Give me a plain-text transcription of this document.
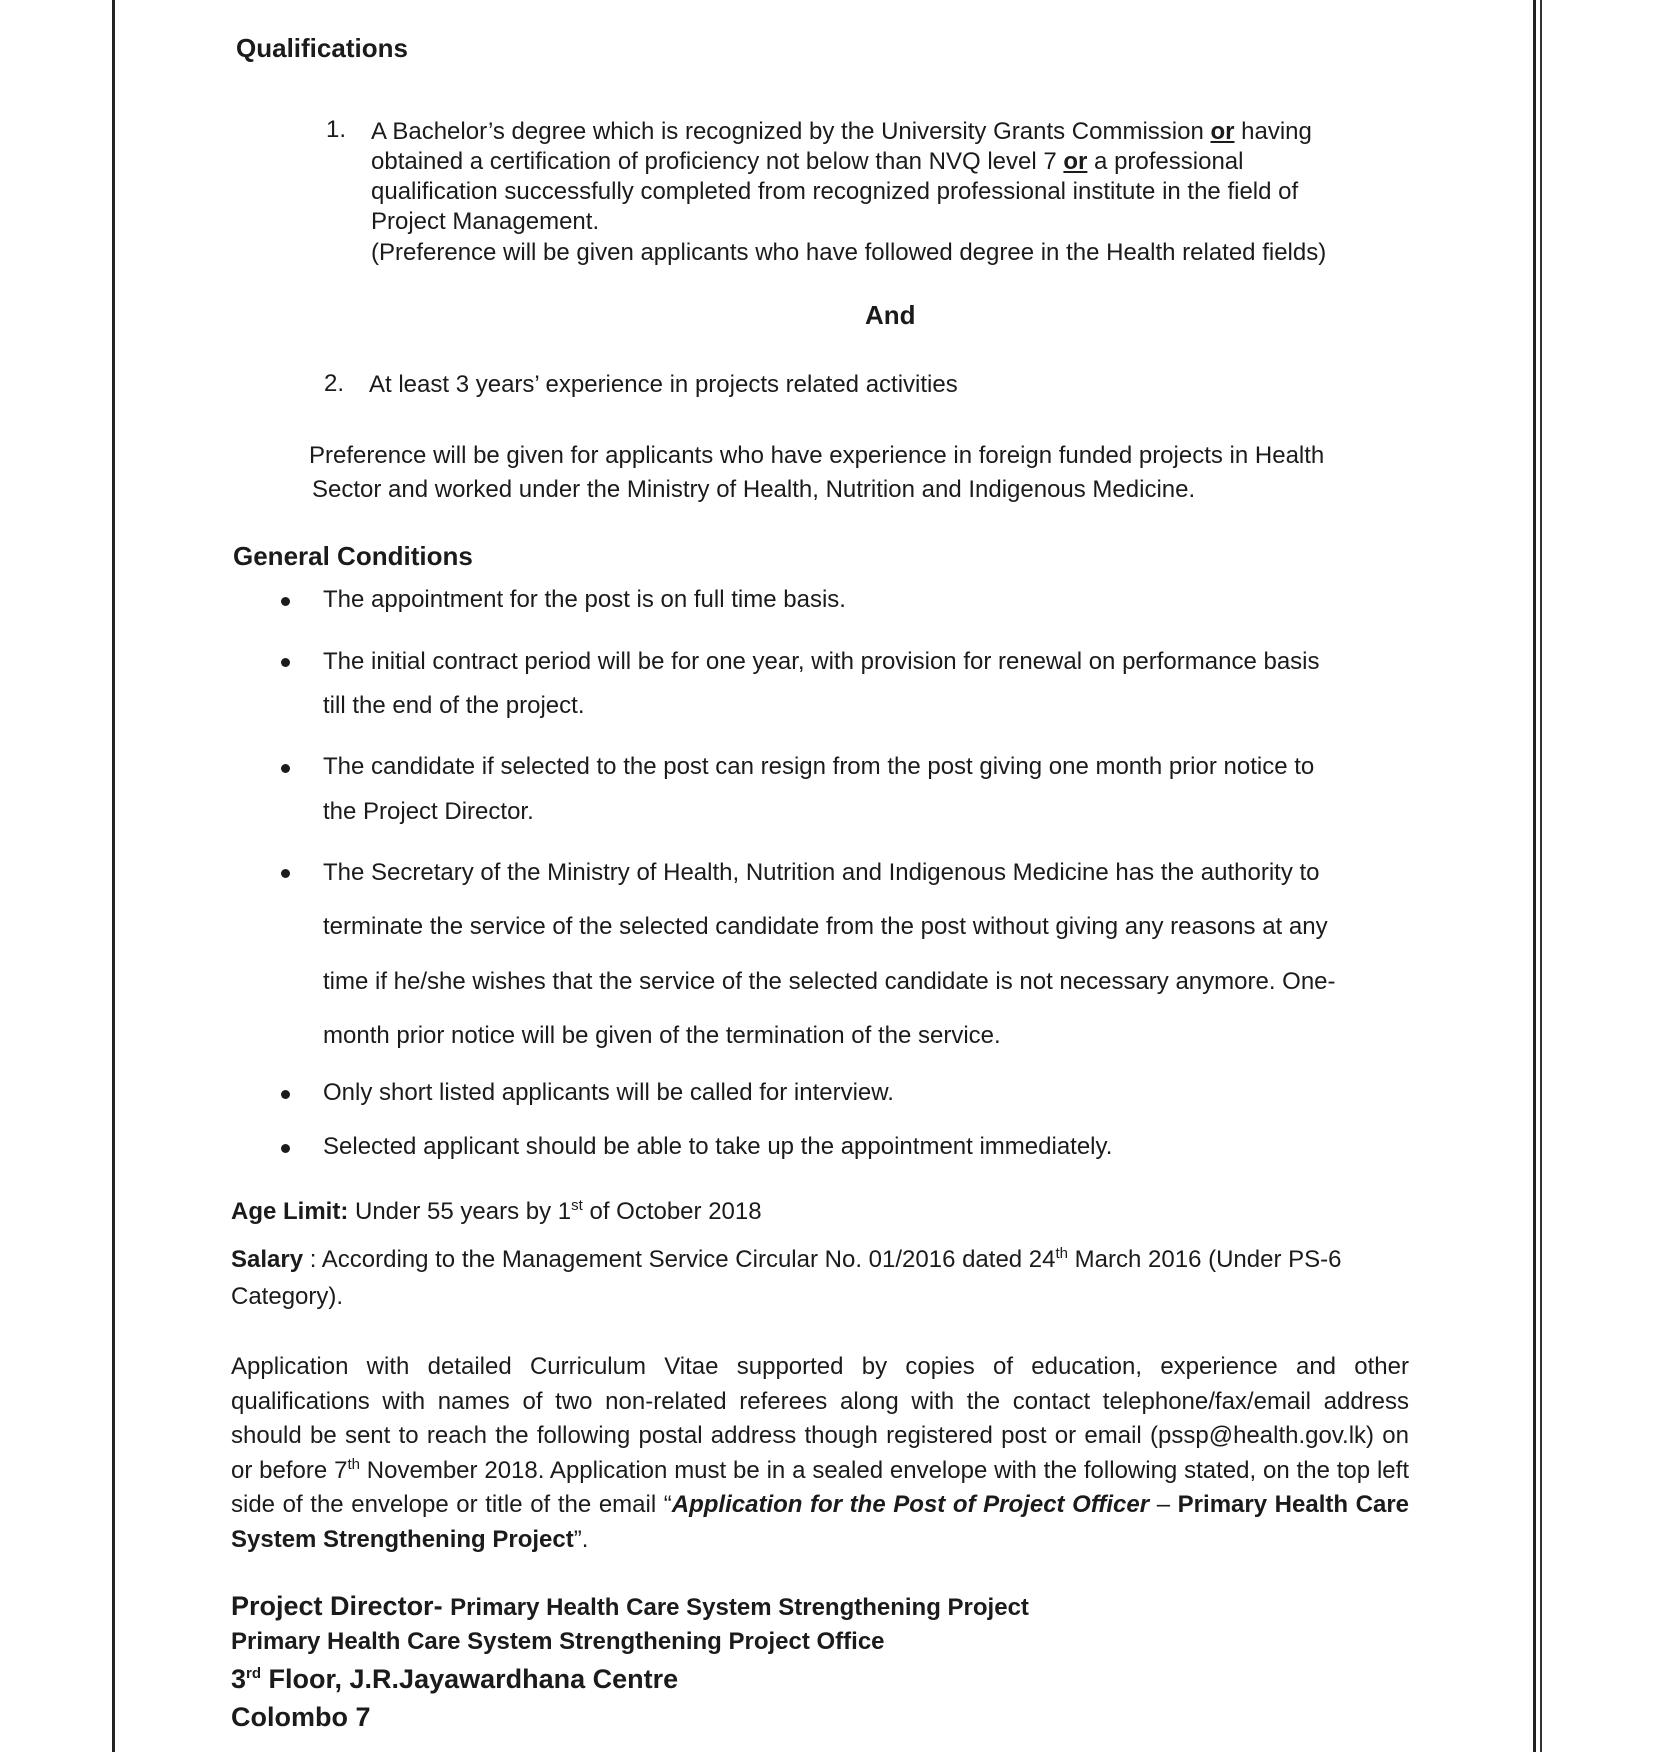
Qualifications
1. A Bachelor’s degree which is recognized by the University Grants Commission or having
obtained a certification of proficiency not below than NVQ level 7 or a professional
qualification successfully completed from recognized professional institute in the field of
Project Management.
(Preference will be given applicants who have followed degree in the Health related fields)
And
2. At least 3 years’ experience in projects related activities
Preference will be given for applicants who have experience in foreign funded projects in Health
Sector and worked under the Ministry of Health, Nutrition and Indigenous Medicine.
General Conditions
The appointment for the post is on full time basis.
The initial contract period will be for one year, with provision for renewal on performance basis
till the end of the project.
The candidate if selected to the post can resign from the post giving one month prior notice to
the Project Director.
The Secretary of the Ministry of Health, Nutrition and Indigenous Medicine has the authority to
terminate the service of the selected candidate from the post without giving any reasons at any
time if he/she wishes that the service of the selected candidate is not necessary anymore. One-
month prior notice will be given of the termination of the service.
Only short listed applicants will be called for interview.
Selected applicant should be able to take up the appointment immediately.
Age Limit: Under 55 years by 1st of October 2018
Salary : According to the Management Service Circular No. 01/2016 dated 24th March 2016 (Under PS-6
Category).
Application with detailed Curriculum Vitae supported by copies of education, experience and other qualifications with names of two non-related referees along with the contact telephone/fax/email address should be sent to reach the following postal address though registered post or email (pssp@health.gov.lk) on or before 7th November 2018. Application must be in a sealed envelope with the following stated, on the top left side of the envelope or title of the email “Application for the Post of Project Officer – Primary Health Care System Strengthening Project”.
Project Director- Primary Health Care System Strengthening Project
Primary Health Care System Strengthening Project Office
3rd Floor, J.R.Jayawardhana Centre
Colombo 7
